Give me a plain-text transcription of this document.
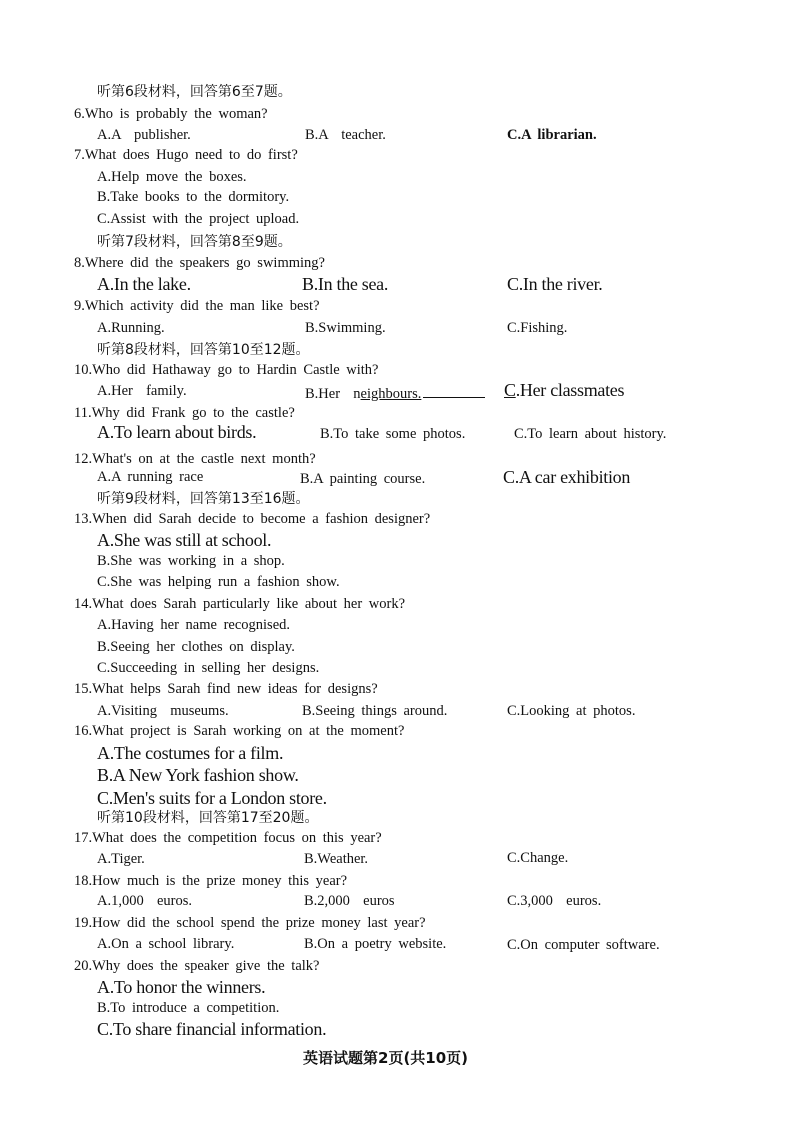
听第6段材料，回答第6至7题。
6.Who is probably the woman?
A.A  publisher.	B.A  teacher.	C.A librarian.
7.What does Hugo need to do first?
A.Help move the boxes.
B.Take books to the dormitory.
C.Assist with the project upload.
听第7段材料，回答第8至9题。
8.Where did the speakers go swimming?
A.In the lake.	B.In the sea.	C.In the river.
9.Which activity did the man like best?
A.Running.	B.Swimming.	C.Fishing.
听第8段材料，回答第10至12题。
10.Who did Hathaway go to Hardin Castle with?
A.Her  family.	B.Her  neighbours.	C.Her classmates
11.Why did Frank go to the castle?
A.To learn about birds.	B.To take some photos.	C.To learn about history.
12.What's on at the castle next month?
A.A running race	B.A painting course.	C.A car exhibition
听第9段材料，回答第13至16题。
13.When did Sarah decide to become a fashion designer?
A.She was still at school.
B.She was working in a shop.
C.She was helping run a fashion show.
14.What does Sarah particularly like about her work?
A.Having her name recognised.
B.Seeing her clothes on display.
C.Succeeding in selling her designs.
15.What helps Sarah find new ideas for designs?
A.Visiting  museums.	B.Seeing things around.	C.Looking at photos.
16.What project is Sarah working on at the moment?
A.The costumes for a film.
B.A New York fashion show.
C.Men's suits for a London store.
听第10段材料，回答第17至20题。
17.What does the competition focus on this year?
A.Tiger.	B.Weather.	C.Change.
18.How much is the prize money this year?
A.1,000  euros.	B.2,000  euros	C.3,000  euros.
19.How did the school spend the prize money last year?
A.On a school library.	B.On a poetry website.	C.On computer software.
20.Why does the speaker give the talk?
A.To honor the winners.
B.To introduce a competition.
C.To share financial information.
英语试题第2页(共10页)
